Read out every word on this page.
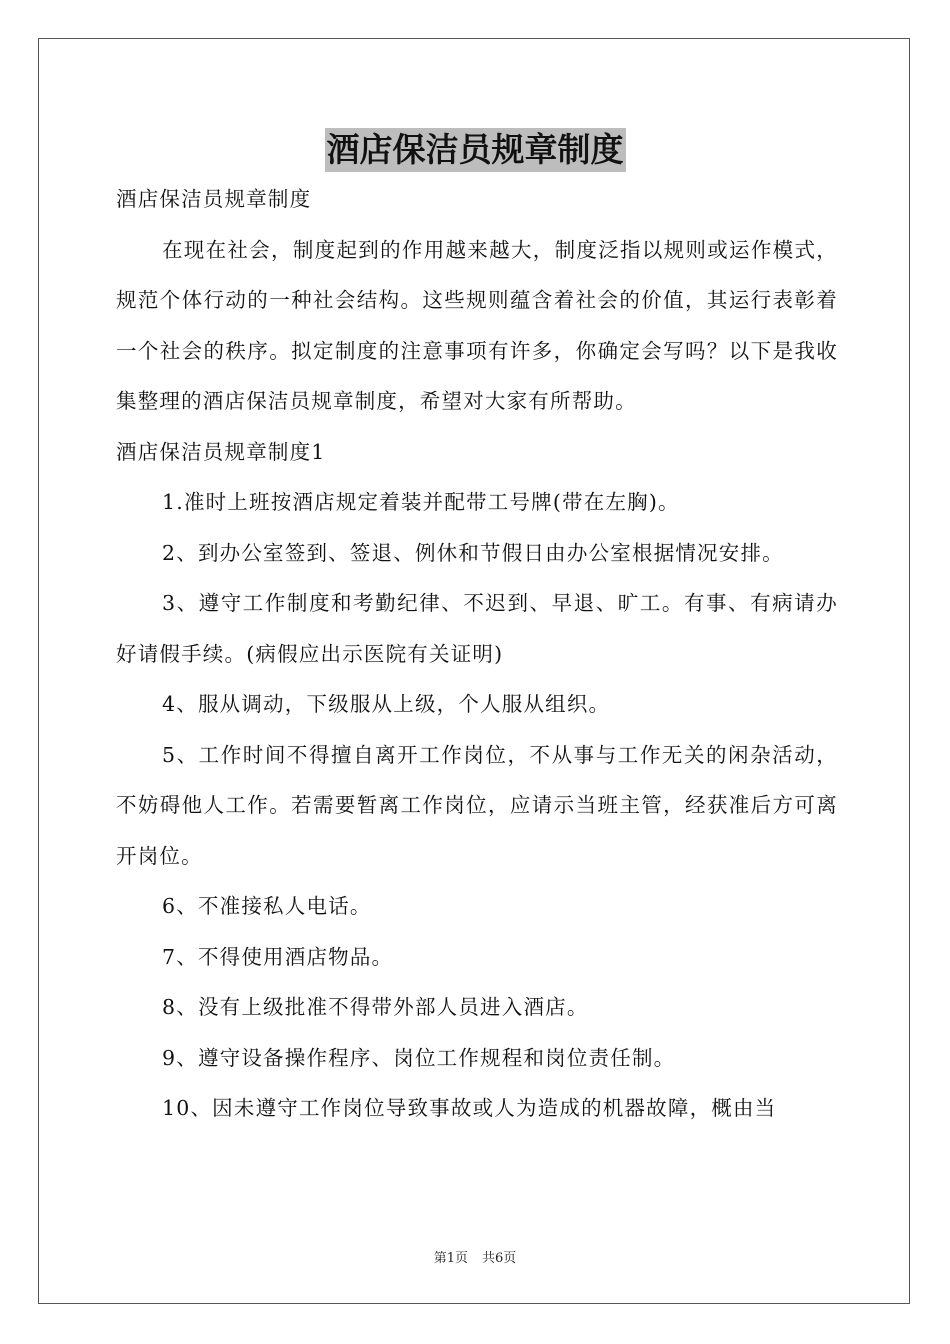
酒店保洁员规章制度

酒店保洁员规章制度

在现在社会，制度起到的作用越来越大，制度泛指以规则或运作模式，规范个体行动的一种社会结构。这些规则蕴含着社会的价值，其运行表彰着一个社会的秩序。拟定制度的注意事项有许多，你确定会写吗？以下是我收集整理的酒店保洁员规章制度，希望对大家有所帮助。

酒店保洁员规章制度1

1.准时上班按酒店规定着装并配带工号牌(带在左胸)。

2、到办公室签到、签退、例休和节假日由办公室根据情况安排。

3、遵守工作制度和考勤纪律、不迟到、早退、旷工。有事、有病请办好请假手续。(病假应出示医院有关证明)

4、服从调动，下级服从上级，个人服从组织。

5、工作时间不得擅自离开工作岗位，不从事与工作无关的闲杂活动，不妨碍他人工作。若需要暂离工作岗位，应请示当班主管，经获准后方可离开岗位。

6、不准接私人电话。

7、不得使用酒店物品。

8、没有上级批准不得带外部人员进入酒店。

9、遵守设备操作程序、岗位工作规程和岗位责任制。

10、因未遵守工作岗位导致事故或人为造成的机器故障，概由当

第1页 共6页
